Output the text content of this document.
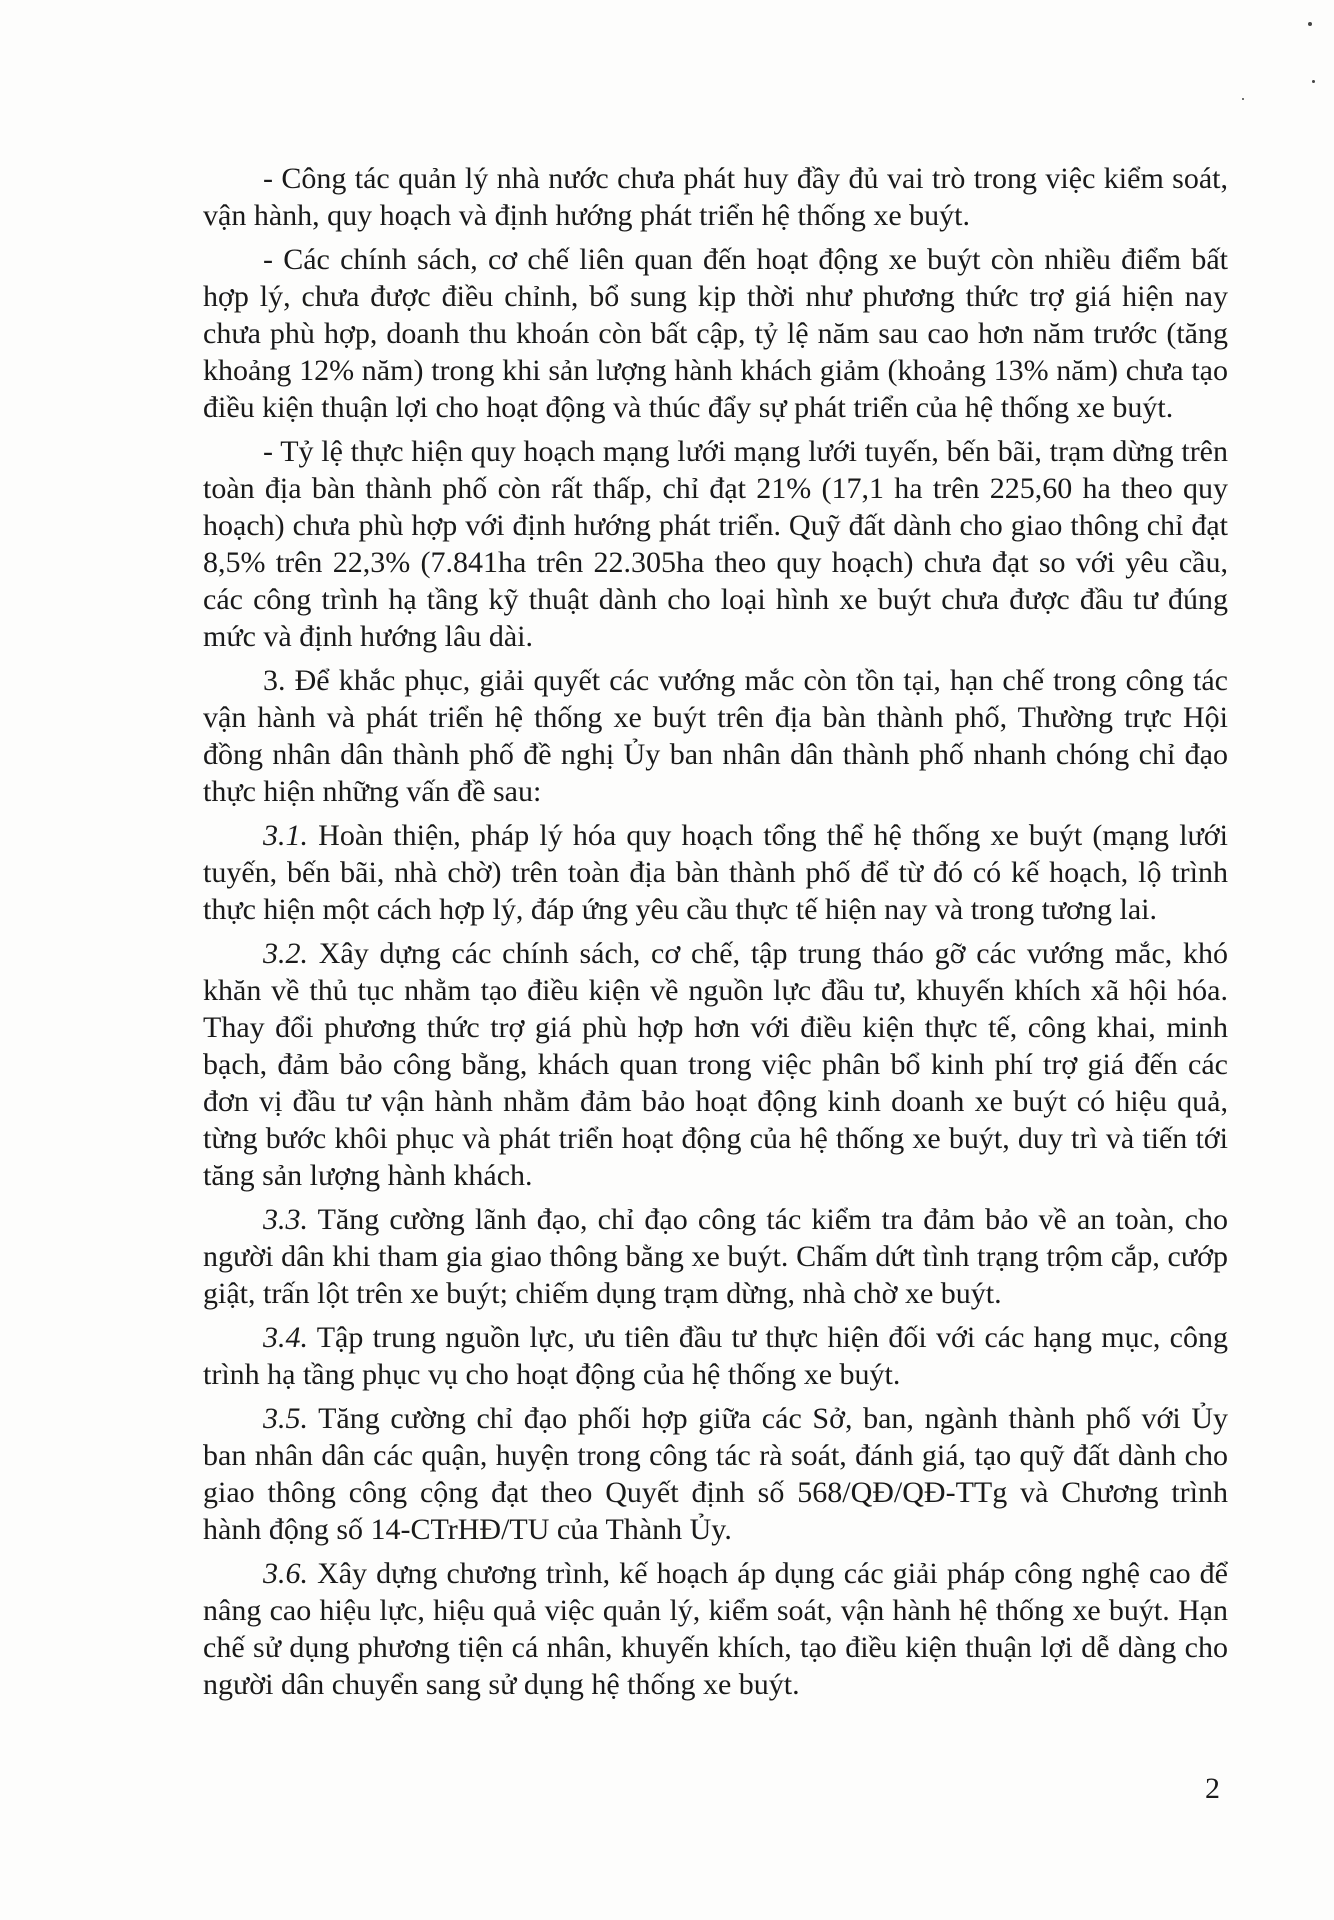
- Công tác quản lý nhà nước chưa phát huy đầy đủ vai trò trong việc kiểm soát, vận hành, quy hoạch và định hướng phát triển hệ thống xe buýt.

- Các chính sách, cơ chế liên quan đến hoạt động xe buýt còn nhiều điểm bất hợp lý, chưa được điều chỉnh, bổ sung kịp thời như phương thức trợ giá hiện nay chưa phù hợp, doanh thu khoán còn bất cập, tỷ lệ năm sau cao hơn năm trước (tăng khoảng 12% năm) trong khi sản lượng hành khách giảm (khoảng 13% năm) chưa tạo điều kiện thuận lợi cho hoạt động và thúc đẩy sự phát triển của hệ thống xe buýt.

- Tỷ lệ thực hiện quy hoạch mạng lưới mạng lưới tuyến, bến bãi, trạm dừng trên toàn địa bàn thành phố còn rất thấp, chỉ đạt 21% (17,1 ha trên 225,60 ha theo quy hoạch) chưa phù hợp với định hướng phát triển. Quỹ đất dành cho giao thông chỉ đạt 8,5% trên 22,3% (7.841ha trên 22.305ha theo quy hoạch) chưa đạt so với yêu cầu, các công trình hạ tầng kỹ thuật dành cho loại hình xe buýt chưa được đầu tư đúng mức và định hướng lâu dài.

3. Để khắc phục, giải quyết các vướng mắc còn tồn tại, hạn chế trong công tác vận hành và phát triển hệ thống xe buýt trên địa bàn thành phố, Thường trực Hội đồng nhân dân thành phố đề nghị Ủy ban nhân dân thành phố nhanh chóng chỉ đạo thực hiện những vấn đề sau:

3.1. Hoàn thiện, pháp lý hóa quy hoạch tổng thể hệ thống xe buýt (mạng lưới tuyến, bến bãi, nhà chờ) trên toàn địa bàn thành phố để từ đó có kế hoạch, lộ trình thực hiện một cách hợp lý, đáp ứng yêu cầu thực tế hiện nay và trong tương lai.

3.2. Xây dựng các chính sách, cơ chế, tập trung tháo gỡ các vướng mắc, khó khăn về thủ tục nhằm tạo điều kiện về nguồn lực đầu tư, khuyến khích xã hội hóa. Thay đổi phương thức trợ giá phù hợp hơn với điều kiện thực tế, công khai, minh bạch, đảm bảo công bằng, khách quan trong việc phân bổ kinh phí trợ giá đến các đơn vị đầu tư vận hành nhằm đảm bảo hoạt động kinh doanh xe buýt có hiệu quả, từng bước khôi phục và phát triển hoạt động của hệ thống xe buýt, duy trì và tiến tới tăng sản lượng hành khách.

3.3. Tăng cường lãnh đạo, chỉ đạo công tác kiểm tra đảm bảo về an toàn, cho người dân khi tham gia giao thông bằng xe buýt. Chấm dứt tình trạng trộm cắp, cướp giật, trấn lột trên xe buýt; chiếm dụng trạm dừng, nhà chờ xe buýt.

3.4. Tập trung nguồn lực, ưu tiên đầu tư thực hiện đối với các hạng mục, công trình hạ tầng phục vụ cho hoạt động của hệ thống xe buýt.

3.5. Tăng cường chỉ đạo phối hợp giữa các Sở, ban, ngành thành phố với Ủy ban nhân dân các quận, huyện trong công tác rà soát, đánh giá, tạo quỹ đất dành cho giao thông công cộng đạt theo Quyết định số 568/QĐ/QĐ-TTg và Chương trình hành động số 14-CTrHĐ/TU của Thành Ủy.

3.6. Xây dựng chương trình, kế hoạch áp dụng các giải pháp công nghệ cao để nâng cao hiệu lực, hiệu quả việc quản lý, kiểm soát, vận hành hệ thống xe buýt. Hạn chế sử dụng phương tiện cá nhân, khuyến khích, tạo điều kiện thuận lợi dễ dàng cho người dân chuyển sang sử dụng hệ thống xe buýt.

2
